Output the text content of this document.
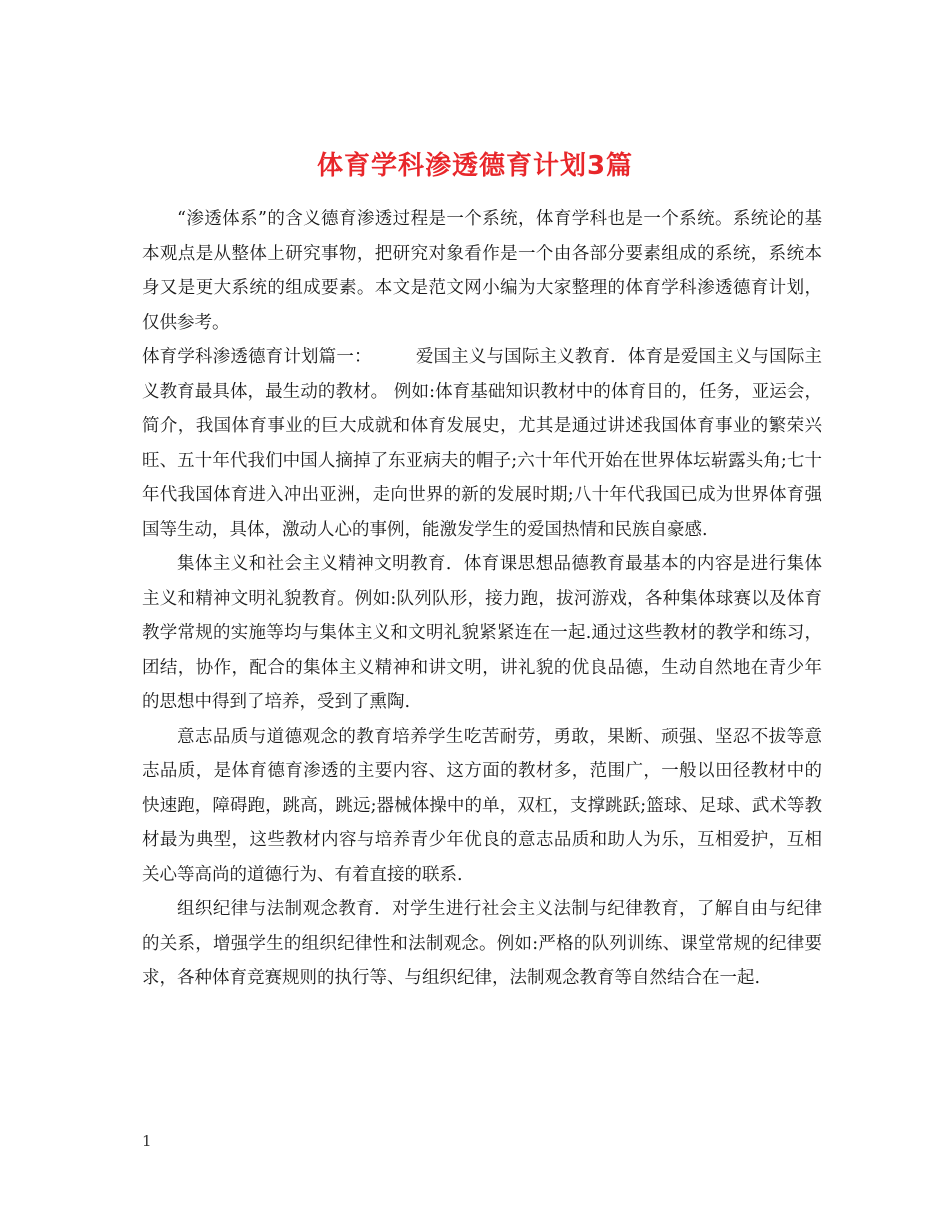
体育学科渗透德育计划3篇

“渗透体系”的含义德育渗透过程是一个系统，体育学科也是一个系统。系统论的基本观点是从整体上研究事物，把研究对象看作是一个由各部分要素组成的系统，系统本身又是更大系统的组成要素。本文是范文网小编为大家整理的体育学科渗透德育计划，仅供参考。

体育学科渗透德育计划篇一：	爱国主义与国际主义教育．体育是爱国主义与国际主义教育最具体，最生动的教材。 例如:体育基础知识教材中的体育目的，任务，亚运会，简介，我国体育事业的巨大成就和体育发展史，尤其是通过讲述我国体育事业的繁荣兴旺、五十年代我们中国人摘掉了东亚病夫的帽子;六十年代开始在世界体坛崭露头角;七十年代我国体育进入冲出亚洲，走向世界的新的发展时期;八十年代我国已成为世界体育强国等生动，具体，激动人心的事例，能激发学生的爱国热情和民族自豪感.

集体主义和社会主义精神文明教育．体育课思想品德教育最基本的内容是进行集体主义和精神文明礼貌教育。例如:队列队形，接力跑，拔河游戏，各种集体球赛以及体育教学常规的实施等均与集体主义和文明礼貌紧紧连在一起.通过这些教材的教学和练习，团结，协作，配合的集体主义精神和讲文明，讲礼貌的优良品德，生动自然地在青少年的思想中得到了培养，受到了熏陶.

意志品质与道德观念的教育培养学生吃苦耐劳，勇敢，果断、顽强、坚忍不拔等意志品质，是体育德育渗透的主要内容、这方面的教材多，范围广，一般以田径教材中的快速跑，障碍跑，跳高，跳远;器械体操中的单，双杠，支撑跳跃;篮球、足球、武术等教材最为典型，这些教材内容与培养青少年优良的意志品质和助人为乐，互相爱护，互相关心等高尚的道德行为、有着直接的联系.

组织纪律与法制观念教育．对学生进行社会主义法制与纪律教育，了解自由与纪律的关系，增强学生的组织纪律性和法制观念。例如:严格的队列训练、课堂常规的纪律要求，各种体育竞赛规则的执行等、与组织纪律，法制观念教育等自然结合在一起.

1
